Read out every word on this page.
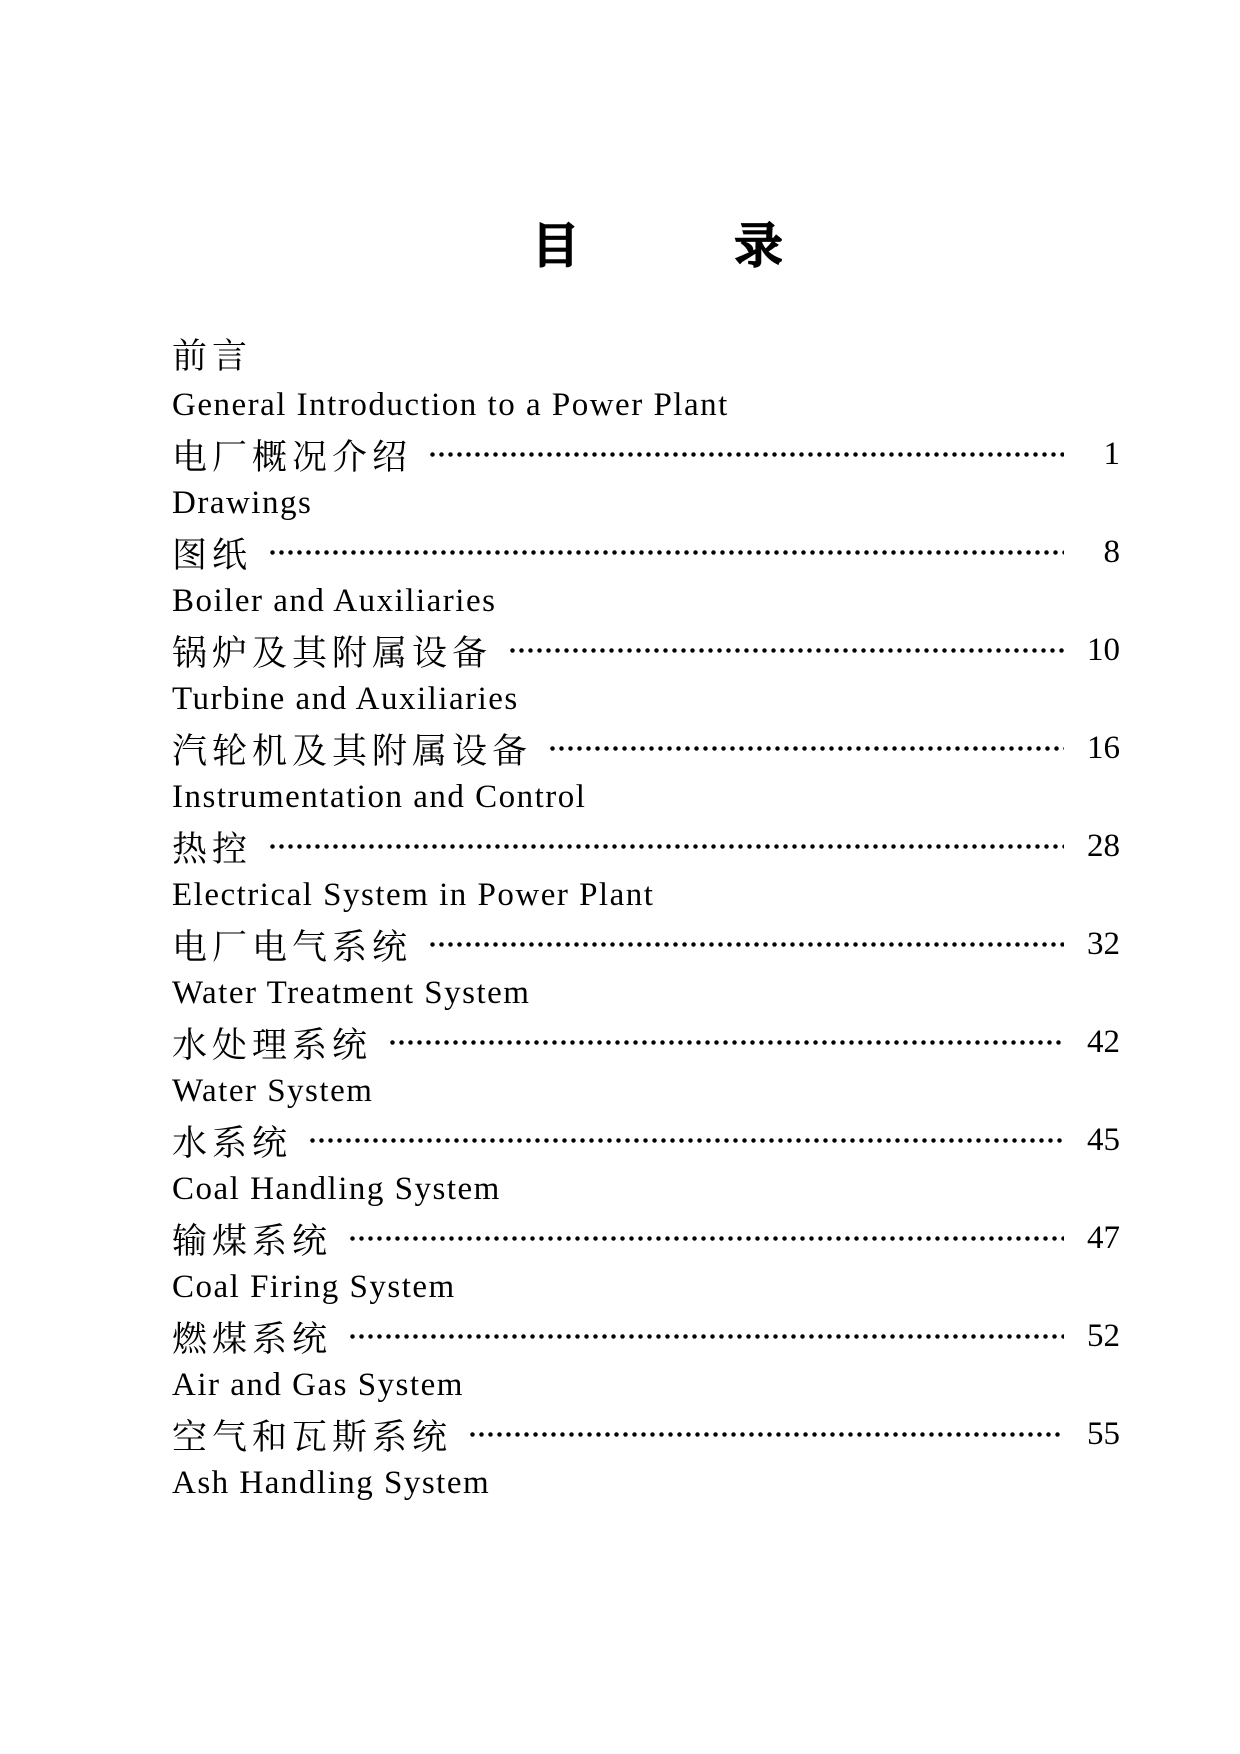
目	录
前言
General Introduction to a Power Plant
电厂概况介绍	1
Drawings
图纸	8
Boiler and Auxiliaries
锅炉及其附属设备	10
Turbine and Auxiliaries
汽轮机及其附属设备	16
Instrumentation and Control
热控	28
Electrical System in Power Plant
电厂电气系统	32
Water Treatment System
水处理系统	42
Water System
水系统	45
Coal Handling System
输煤系统	47
Coal Firing System
燃煤系统	52
Air and Gas System
空气和瓦斯系统	55
Ash Handling System
